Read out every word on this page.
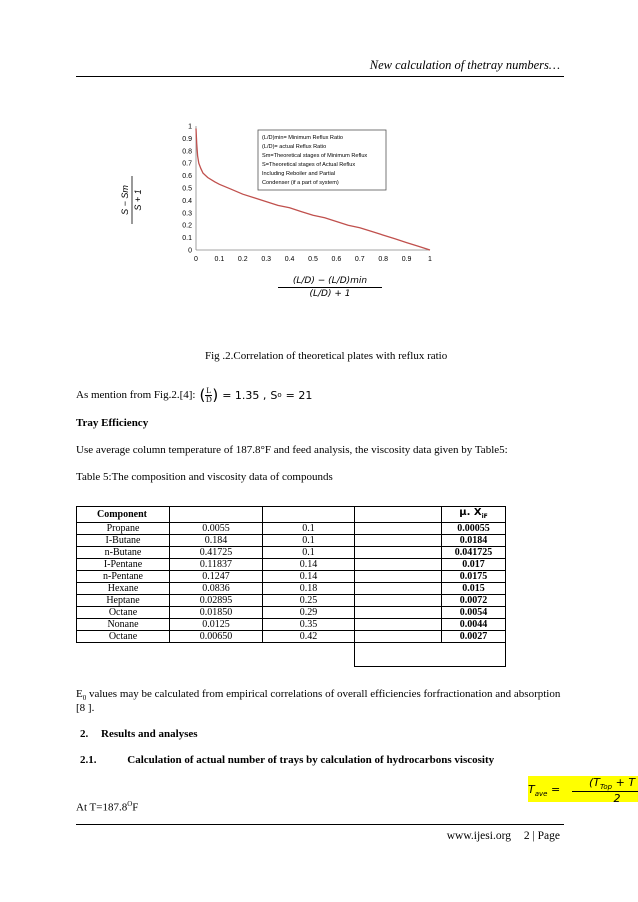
New calculation of thetray numbers…
S − Sm S + 1
0
0.1
0.2
0.3
0.4
0.5
0.6
0.7
0.8
0.9
1
0 0.1 0.2 0.3 0.4 0.5 0.6 0.7 0.8 0.9 1
(L/D)min= Minimum Reflux Ratio
(L/D)= actual Reflux Ratio
Sm=Theoretical stages of Minimum Reflux
S=Theoretical stages of Actual Reflux
Including Reboiler and Partial
Condenser (if a part of system)
(L/D) − (L/D)min
(L/D) + 1
Fig .2.Correlation of theoretical plates with reflux ratio
As mention from Fig.2.[4]: ( L
D ) = 1.35 , S o = 21
Tray Efficiency
Use average column temperature of 187.8°F and feed analysis, the viscosity data given by Table5:
Table 5:The composition and viscosity data of compounds
Component				μ. $X_{iF}$
Propane	0.0055	0.1		0.00055
I-Butane	0.184	0.1		0.0184
n-Butane	0.41725	0.1		0.041725
I-Pentane	0.11837	0.14		0.017
n-Pentane	0.1247	0.14		0.0175
Hexane	0.0836	0.18		0.015
Heptane	0.02895	0.25		0.0072
Octane	0.01850	0.29		0.0054
Nonane	0.0125	0.35		0.0044
Octane	0.00650	0.42		0.0027
$E_0$ values may be calculated from empirical correlations of overall efficiencies forfractionation and absorption
[8 ].
2. Results and analyses
2.1.	Calculation of actual number of trays by calculation of hydrocarbons viscosity
$T_{ave}$ =
($T_{Top} + T$
2
At $T=187.8^OF$
www.ijesi.org 2 | Page
